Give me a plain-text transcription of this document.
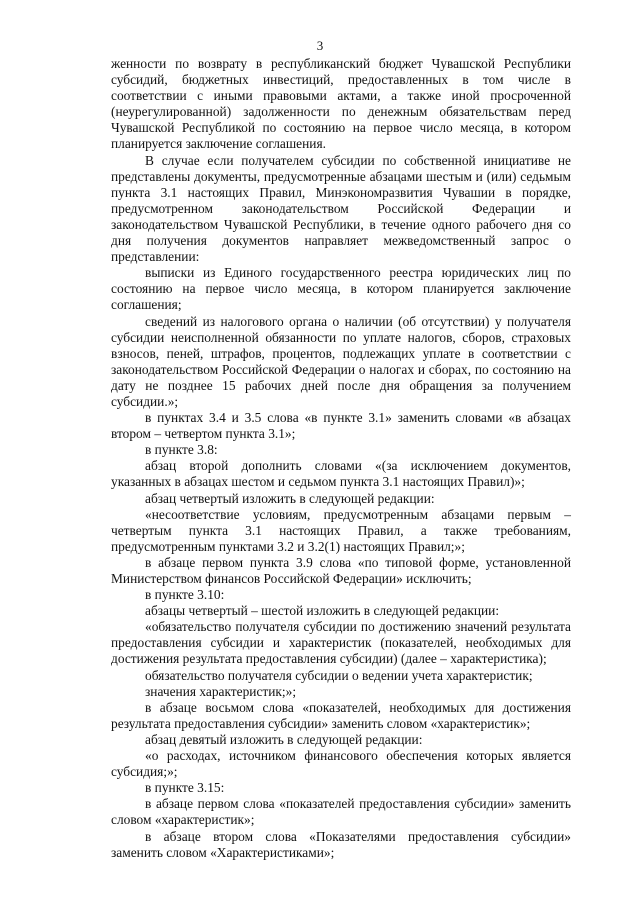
3

женности по возврату в республиканский бюджет Чувашской Республики субсидий, бюджетных инвестиций, предоставленных в том числе в соответствии с иными правовыми актами, а также иной просроченной (неурегулированной) задолженности по денежным обязательствам перед Чувашской Республикой по состоянию на первое число месяца, в котором планируется заключение соглашения.

В случае если получателем субсидии по собственной инициативе не представлены документы, предусмотренные абзацами шестым и (или) седьмым пункта 3.1 настоящих Правил, Минэкономразвития Чувашии в порядке, предусмотренном законодательством Российской Федерации и законодательством Чувашской Республики, в течение одного рабочего дня со дня получения документов направляет межведомственный запрос о представлении:

выписки из Единого государственного реестра юридических лиц по состоянию на первое число месяца, в котором планируется заключение соглашения;

сведений из налогового органа о наличии (об отсутствии) у получателя субсидии неисполненной обязанности по уплате налогов, сборов, страховых взносов, пеней, штрафов, процентов, подлежащих уплате в соответствии с законодательством Российской Федерации о налогах и сборах, по состоянию на дату не позднее 15 рабочих дней после дня обращения за получением субсидии.»;

в пунктах 3.4 и 3.5 слова «в пункте 3.1» заменить словами «в абзацах втором – четвертом пункта 3.1»;

в пункте 3.8:

абзац второй дополнить словами «(за исключением документов, указанных в абзацах шестом и седьмом пункта 3.1 настоящих Правил)»;

абзац четвертый изложить в следующей редакции:

«несоответствие условиям, предусмотренным абзацами первым – четвертым пункта 3.1 настоящих Правил, а также требованиям, предусмотренным пунктами 3.2 и 3.2(1) настоящих Правил;»;

в абзаце первом пункта 3.9 слова «по типовой форме, установленной Министерством финансов Российской Федерации» исключить;

в пункте 3.10:

абзацы четвертый – шестой изложить в следующей редакции:

«обязательство получателя субсидии по достижению значений результата предоставления субсидии и характеристик (показателей, необходимых для достижения результата предоставления субсидии) (далее – характеристика);

обязательство получателя субсидии о ведении учета характеристик;

значения характеристик;»;

в абзаце восьмом слова «показателей, необходимых для достижения результата предоставления субсидии» заменить словом «характеристик»;

абзац девятый изложить в следующей редакции:

«о расходах, источником финансового обеспечения которых является субсидия;»;

в пункте 3.15:

в абзаце первом слова «показателей предоставления субсидии» заменить словом «характеристик»;

в абзаце втором слова «Показателями предоставления субсидии» заменить словом «Характеристиками»;
